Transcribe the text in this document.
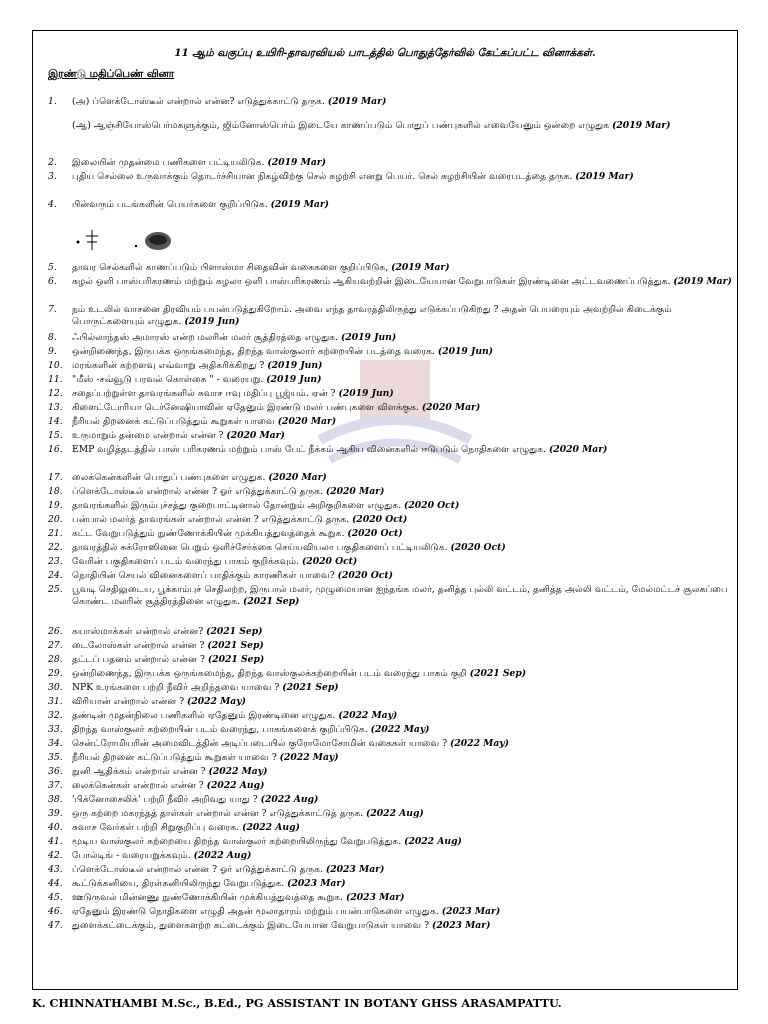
11 ஆம் வகுப்பு உயிரி-தாவரவியல் பாடத்தில் பொதுத்தேர்வில் கேட்கப்பட்ட வினாக்கள்.
இரண்டு மதிப்பெண் வினா
1.	(அ) ப்ளெக்டோஸ்டீல் என்றால் என்ன? எடுத்துக்காட்டு தருக. (2019 Mar)
(ஆ) ஆஞ்சியோஸ்பெர்மகளுக்கும், ஜிம்னோஸ்பெர்ம் இடையே காணப்படும் பொதுப் பண்புகளில் எவையேனும் ஒன்றை எழுதுக (2019 Mar)
2.	இலையின் முதன்மை பணிகளை பட்டியலிடுக. (2019 Mar)
3.	புதிய செல்லை உருவாக்கும் தொடர்ச்சியான நிகழ்விற்கு செல் சுழற்சி எனறு பெயர். செல் சுழற்சியின் வரைபடத்தை தருக. (2019 Mar)
4.	பின்வரும் படங்களின் பெயர்களை குறிப்பிடுக. (2019 Mar)
5.	தாவர செல்களில் காணப்படும் பிளாஸ்மா சிதைவின் வகைகளை குறிப்பிடுக, (2019 Mar)
6.	சுழல் ஒளி பாஸ்பரிகரணம் மற்றும் சுழலா ஒளி பாஸ்பரிகரணம் ஆகியவற்றின் இடையேயான வேறுபாடுகள் இரண்டினை அட்டவணைப்படுத்துக. (2019 Mar)
7.	நம் உடலில் வாசனை திரவியம் பயன்படுத்துகிறோம். அவை எந்த தாவரத்திலிருந்து எடுக்கப்படுகிறது ? அதன் பெயரையும் அவற்றில் கிடைக்கும் பொருட்களையும் எழுதுக. (2019 Jun)
8.	ஃபில்லாந்தஸ் அமாரஸ் என்ற மலரின் மலர் சூத்திரத்தை எழுதுக. (2019 Jun)
9.	ஒன்றிணைந்த, இருபக்க ஒருங்கமைந்த, திறந்த வாஸ்குலார் கற்றையின் படத்தை வரைக. (2019 Jun)
10.	மரங்களின் கற்றளவு எவ்வாறு அதிகரிக்கிறது ? (2019 Jun)
11.	"மீஸ் -சவ்வூடு பரவல் கொள்கை " - வரையறு. (2019 Jun)
12.	சதைப்பற்றுள்ள தாவரங்களில் சுவாச ஈவு மதிப்பு பூஜ்யம். ஏன் ? (2019 Jun)
13.	கிளைட்டோரியா டெர்னேஷியாவின் ஏதேனும் இரண்டு மலர் பண்புகளை விளக்குக. (2020 Mar)
14.	நீரியல் திறனைக் கட்டுப்படுத்தும் கூறுகள் யாவை (2020 Mar)
15.	உருமாறும் தன்மை என்றால் என்ன ? (2020 Mar)
16.	EMP வழித்தடத்தில் பாஸ் பரிகரணம் மற்றும் பாஸ் பேட் நீக்கம் ஆகிய வினைகளில் ஈடுபடும் நொதிகளை எழுதுக. (2020 Mar)
17.	லைக்கென்களின் பொதுப் பண்புகளை எழுதுக. (2020 Mar)
18.	ப்ளெக்டோஸ்டீல் என்றால் என்ன ? ஓர் எடுத்துக்காட்டு தருக. (2020 Mar)
19.	தாவரங்களில் இரும்புச்சத்து குறைபாட்டினால் தோன்றும் அறிகுறிகளை எழுதுக. (2020 Oct)
20.	பன்பால் மலர்த் தாவரங்கள் என்றால் என்ன ? எடுத்துக்காட்டு தருக. (2020 Oct)
21.	கட்ட வேறுபடுத்தும் நுண்ணோக்கியின் முக்கியத்துவத்தைக் கூறுக. (2020 Oct)
22.	தாவரத்தில் சுக்ரோஸினை பெறும் ஒளிச்சேர்க்கை செய்யவியலா பகுதிகளைப் பட்டியலிடுக. (2020 Oct)
23.	வேரின் பகுதிகளைப் படம் வரைந்து பாகம் குறிக்கவும். (2020 Oct)
24.	நொதியின் செயல் வினைகளைப் பாதிக்கும் காரணிகள் யாவை? (2020 Oct)
25.	பூவடி செதிலுடைய, பூக்காம்புச் செதிலற்ற, இருபால் மலர், முழுமையான ஐந்தங்க மலர், தனித்த புல்லி வட்டம், தனித்த அல்லி வட்டம், மேல்மட்டச் சூலகப்பை கொண்ட மலரின் சூத்திரத்தினை எழுதுக. (2021 Sep)
26.	கயாஸ்மாக்கள் என்றால் என்ன? (2021 Sep)
27.	டைலோஸ்கள் என்றால் என்ன ? (2021 Sep)
28.	தட்டப் பதனம் என்றால் என்ன ? (2021 Sep)
29.	ஒன்றிணைந்த, இருபக்க ஒருங்கமைந்த, திறந்த வாஸ்குலக்கற்றையின் படம் வரைந்து பாகம் குறி (2021 Sep)
30.	NPK உரங்களை பற்றி நீவிர் அறிந்தவை யாவை ? (2021 Sep)
31.	விரியான் என்றால் என்ன ? (2022 May)
32.	தண்டின் முதன்நிலை பணிகளில் ஏதேனும் இரண்டினை எழுதுக. (2022 May)
33.	திறந்த வாஸ்குலர் கற்றையின் படம் வரைந்து, பாகங்களைக் குறிப்பிடுக. (2022 May)
34.	சென்ட்ரோமியரின் அமைவிடத்தின் அடிப்படையில் குரோமோசோமின் வகைகள் யாவை ? (2022 May)
35.	நீரியல் திறனை கட்டுப்படுத்தும் கூறுகள் யாவை ? (2022 May)
36.	நுனி ஆதிக்கம் என்றால் என்ன ? (2022 May)
37.	லைக்கென்கள் என்றால் என்ன ? (2022 Aug)
38.	'பிக்னோசைலிக்' பற்றி நீவிர் அறிவது யாது ? (2022 Aug)
39.	ஒரு கற்றை மகரந்தத் தாள்கள் என்றால் என்ன ? எடுத்துக்காட்டுத் தருக. (2022 Aug)
40.	சுவாச வேர்கள் பற்றி சிறுகுறிப்பு வரைக. (2022 Aug)
41.	மூடிய வாஸ்குலர் கற்றையை திறந்த வாஸ்குலர் கற்றையிலிருந்து வேறுபடுத்துக. (2022 Aug)
42.	போல்டிங் - வரையறுக்கவும். (2022 Aug)
43.	ப்ளெக்டோஸ்டீல் என்றால் என்ன ? ஓர் எடுத்துக்காட்டு தருக. (2023 Mar)
44.	கூட்டுக்கனியை, திரள்கனியிலிருந்து வேறுபடுத்துக. (2023 Mar)
45.	ஊடுருவல் மின்னணு நுண்ணோக்கியின் முக்கியத்துவத்தை கூறுக. (2023 Mar)
46.	ஏதேனும் இரண்டு நொதிகளை எழுதி அதன் மூலாதாரம் மற்றும் பயன்பாடுகளை எழுதுக. (2023 Mar)
47.	துளைக்கட்டைக்கும், துளைகளற்ற கட்டைக்கும் இடையேயான வேறுபாடுகள் யாவை ? (2023 Mar)
K. CHINNATHAMBI M.Sc., B.Ed., PG ASSISTANT IN BOTANY GHSS ARASAMPATTU.
